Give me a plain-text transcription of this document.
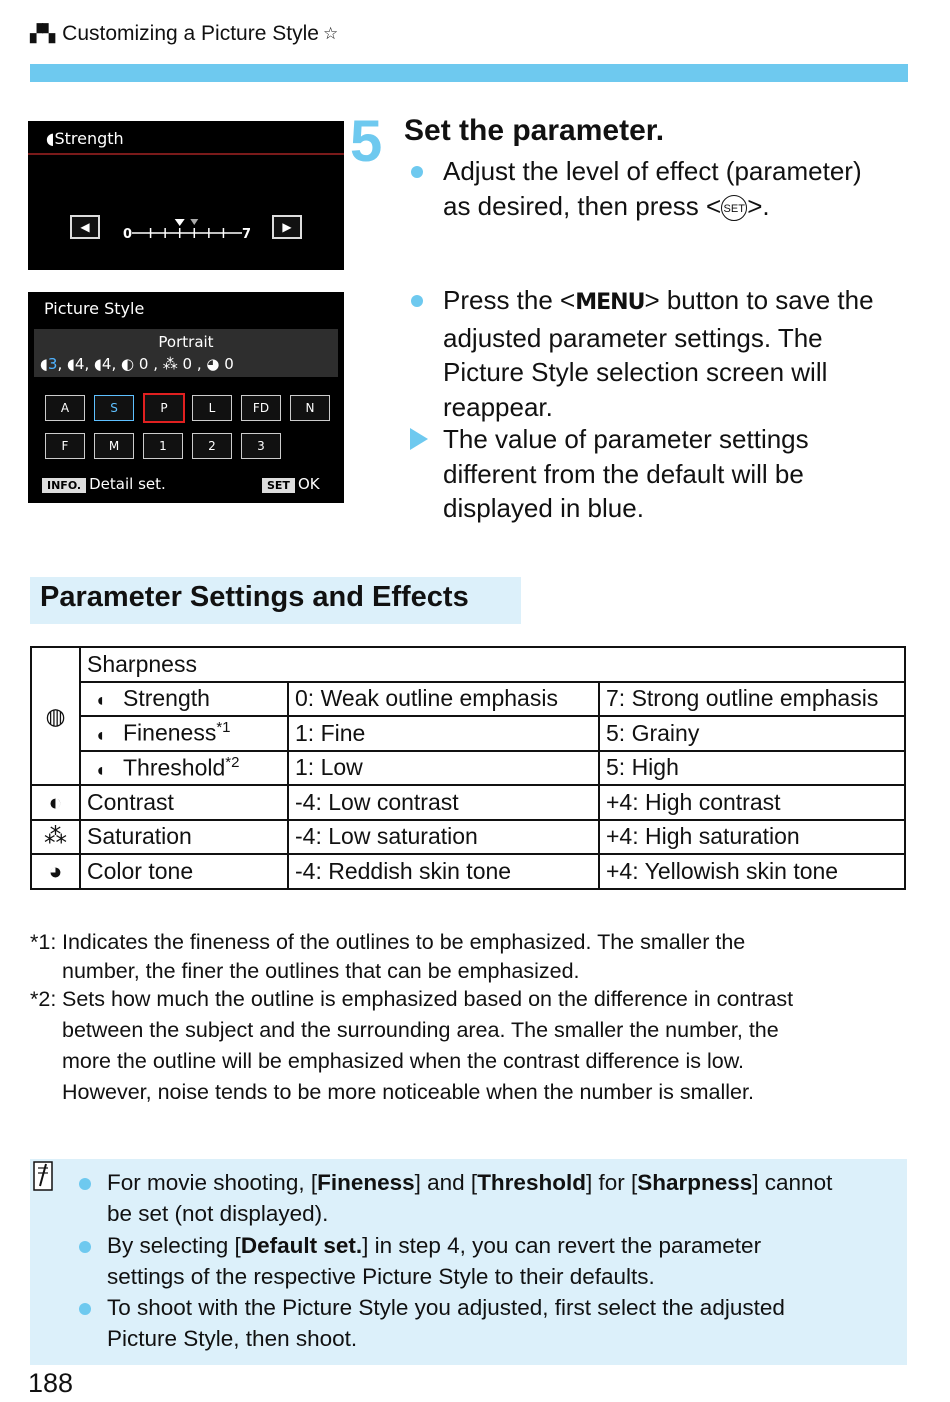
▞▚ Customizing a Picture Style ☆
◖Strength
◀	0	7	▶
Picture Style
Portrait
◖3, ◖4, ◖4, ◐ 0 , ⁂ 0 , ◕ 0
A	S	P	L	FD	N
F	M	1	2	3
INFO. Detail set.	SET OK
5 Set the parameter.
Adjust the level of effect (parameter)
as desired, then press < SET>.
Press the <MENU> button to save the
adjusted parameter settings. The
Picture Style selection screen will
reappear.
The value of parameter settings
different from the default will be
displayed in blue.
Parameter Settings and Effects
◍	Sharpness		
	◖ Strength	0: Weak outline emphasis	7: Strong outline emphasis
	◖ Fineness$^{*1}$	1: Fine	5: Grainy
	◖ Threshold$^{*2}$	1: Low	5: High
◐	Contrast	-4: Low contrast	+4: High contrast
⁂	Saturation	-4: Low saturation	+4: High saturation
◕	Color tone	-4: Reddish skin tone	+4: Yellowish skin tone
*1: Indicates the fineness of the outlines to be emphasized. The smaller the
number, the finer the outlines that can be emphasized.
*2: Sets how much the outline is emphasized based on the difference in contrast
between the subject and the surrounding area. The smaller the number, the
more the outline will be emphasized when the contrast difference is low.
However, noise tends to be more noticeable when the number is smaller.
For movie shooting, [Fineness] and [Threshold] for [Sharpness] cannot
be set (not displayed).
By selecting [Default set.] in step 4, you can revert the parameter
settings of the respective Picture Style to their defaults.
To shoot with the Picture Style you adjusted, first select the adjusted
Picture Style, then shoot.
188
